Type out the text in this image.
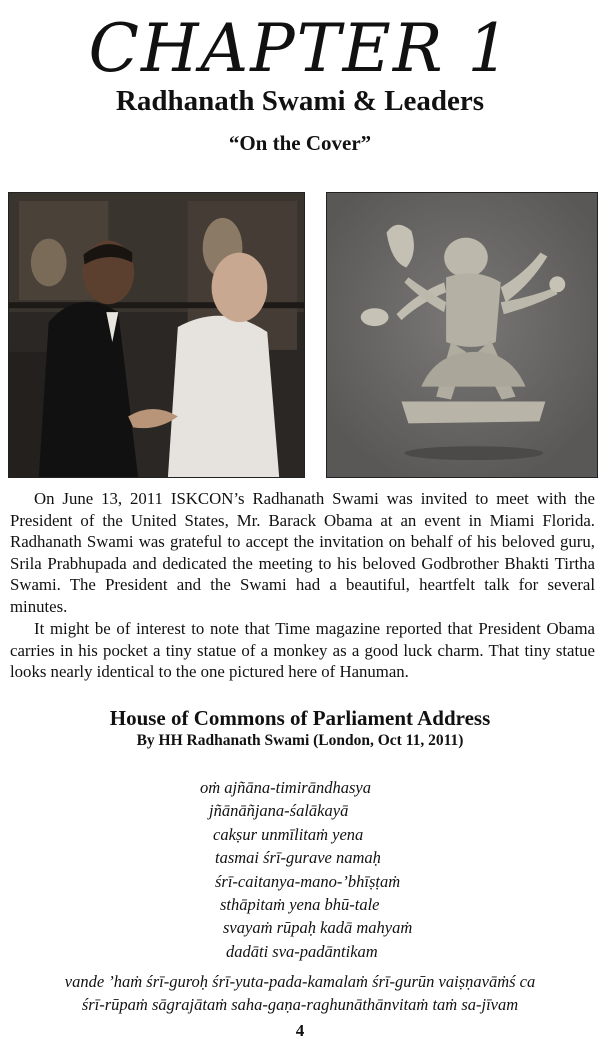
CHAPTER 1
Radhanath Swami & Leaders
“On the Cover”

On June 13, 2011 ISKCON’s Radhanath Swami was invited to meet with the President of the United States, Mr. Barack Obama at an event in Miami Florida. Radhanath Swami was grateful to accept the invitation on behalf of his beloved guru, Srila Prabhupada and dedicated the meeting to his beloved Godbrother Bhakti Tirtha Swami. The President and the Swami had a beautiful, heartfelt talk for several minutes.

It might be of interest to note that Time magazine reported that President Obama carries in his pocket a tiny statue of a monkey as a good luck charm. That tiny statue looks nearly identical to the one pictured here of Hanuman.

House of Commons of Parliament Address
By HH Radhanath Swami (London, Oct 11, 2011)
oṁ ajñāna-timirāndhasya
jñānāñjana-śalākayā
cakṣur unmīlitaṁ yena
tasmai śrī-gurave namaḥ
śrī-caitanya-mano-’bhīṣṭaṁ
sthāpitaṁ yena bhū-tale
svayaṁ rūpaḥ kadā mahyaṁ
dadāti sva-padāntikam
vande ’haṁ śrī-guroḥ śrī-yuta-pada-kamalaṁ śrī-gurūn vaiṣṇavāṁś ca
śrī-rūpaṁ sāgrajātaṁ saha-gaṇa-raghunāthānvitaṁ taṁ sa-jīvam
4
